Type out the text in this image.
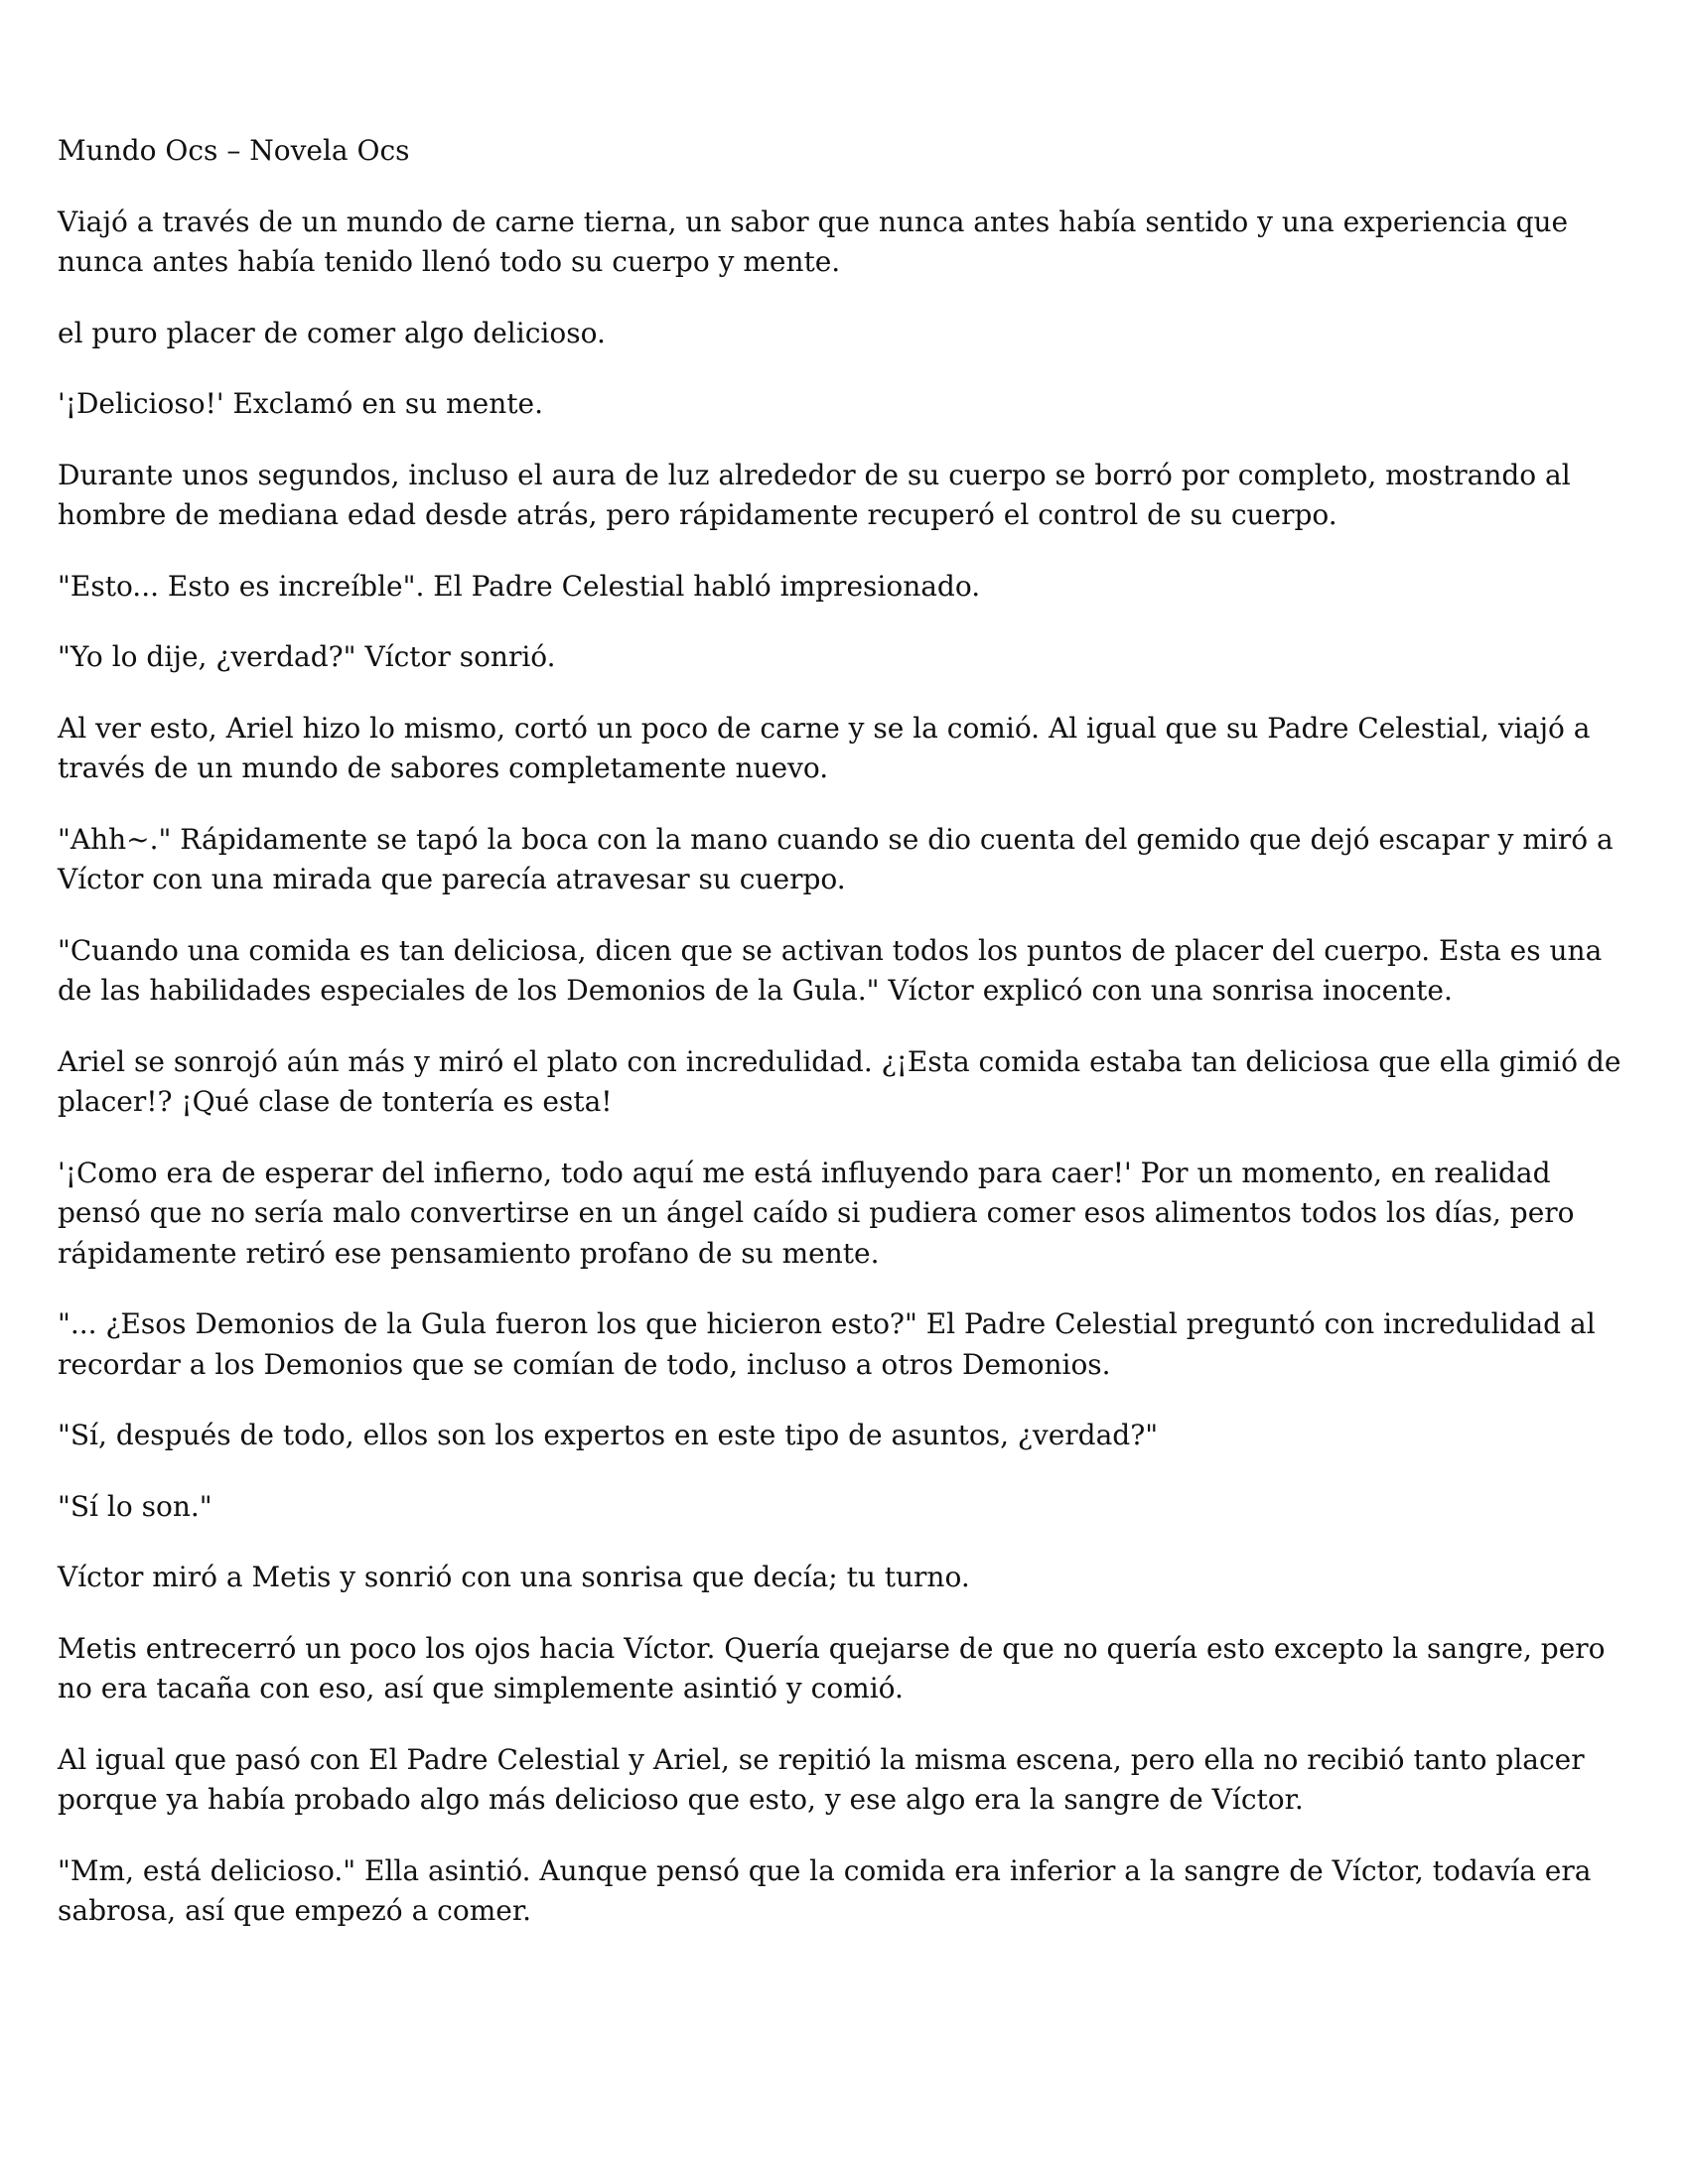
Mundo Ocs – Novela Ocs

Viajó a través de un mundo de carne tierna, un sabor que nunca antes había sentido y una experiencia que nunca antes había tenido llenó todo su cuerpo y mente.

el puro placer de comer algo delicioso.

'¡Delicioso!' Exclamó en su mente.

Durante unos segundos, incluso el aura de luz alrededor de su cuerpo se borró por completo, mostrando al hombre de mediana edad desde atrás, pero rápidamente recuperó el control de su cuerpo.

"Esto... Esto es increíble". El Padre Celestial habló impresionado.

"Yo lo dije, ¿verdad?" Víctor sonrió.

Al ver esto, Ariel hizo lo mismo, cortó un poco de carne y se la comió. Al igual que su Padre Celestial, viajó a través de un mundo de sabores completamente nuevo.

"Ahh~." Rápidamente se tapó la boca con la mano cuando se dio cuenta del gemido que dejó escapar y miró a Víctor con una mirada que parecía atravesar su cuerpo.

"Cuando una comida es tan deliciosa, dicen que se activan todos los puntos de placer del cuerpo. Esta es una de las habilidades especiales de los Demonios de la Gula." Víctor explicó con una sonrisa inocente.

Ariel se sonrojó aún más y miró el plato con incredulidad. ¿¡Esta comida estaba tan deliciosa que ella gimió de placer!? ¡Qué clase de tontería es esta!

'¡Como era de esperar del infierno, todo aquí me está influyendo para caer!' Por un momento, en realidad pensó que no sería malo convertirse en un ángel caído si pudiera comer esos alimentos todos los días, pero rápidamente retiró ese pensamiento profano de su mente.

"... ¿Esos Demonios de la Gula fueron los que hicieron esto?" El Padre Celestial preguntó con incredulidad al recordar a los Demonios que se comían de todo, incluso a otros Demonios.

"Sí, después de todo, ellos son los expertos en este tipo de asuntos, ¿verdad?"

"Sí lo son."

Víctor miró a Metis y sonrió con una sonrisa que decía; tu turno.

Metis entrecerró un poco los ojos hacia Víctor. Quería quejarse de que no quería esto excepto la sangre, pero no era tacaña con eso, así que simplemente asintió y comió.

Al igual que pasó con El Padre Celestial y Ariel, se repitió la misma escena, pero ella no recibió tanto placer porque ya había probado algo más delicioso que esto, y ese algo era la sangre de Víctor.

"Mm, está delicioso." Ella asintió. Aunque pensó que la comida era inferior a la sangre de Víctor, todavía era sabrosa, así que empezó a comer.
